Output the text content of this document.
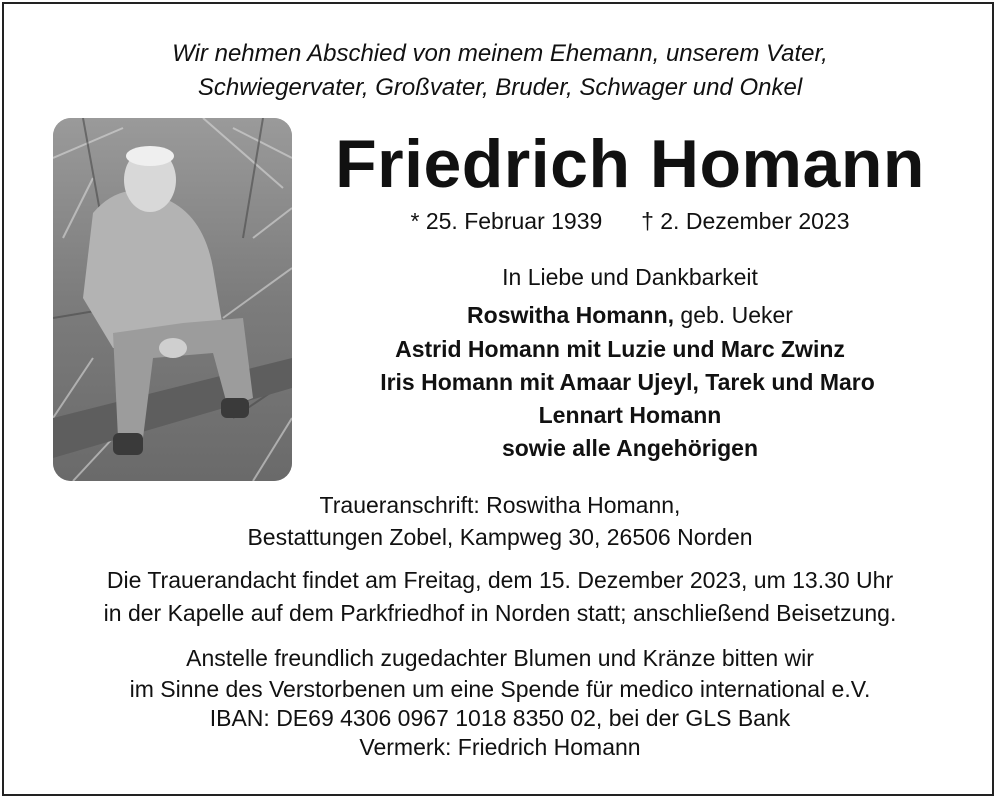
Wir nehmen Abschied von meinem Ehemann, unserem Vater,
Schwiegervater, Großvater, Bruder, Schwager und Onkel
Friedrich Homann
* 25. Februar 1939 † 2. Dezember 2023
In Liebe und Dankbarkeit
Roswitha Homann, geb. Ueker
Astrid Homann mit Luzie und Marc Zwinz
Iris Homann mit Amaar Ujeyl, Tarek und Maro
Lennart Homann
sowie alle Angehörigen
Traueranschrift: Roswitha Homann,
Bestattungen Zobel, Kampweg 30, 26506 Norden
Die Trauerandacht findet am Freitag, dem 15. Dezember 2023, um 13.30 Uhr
in der Kapelle auf dem Parkfriedhof in Norden statt; anschließend Beisetzung.
Anstelle freundlich zugedachter Blumen und Kränze bitten wir
im Sinne des Verstorbenen um eine Spende für medico international e.V.
IBAN: DE69 4306 0967 1018 8350 02, bei der GLS Bank
Vermerk: Friedrich Homann
